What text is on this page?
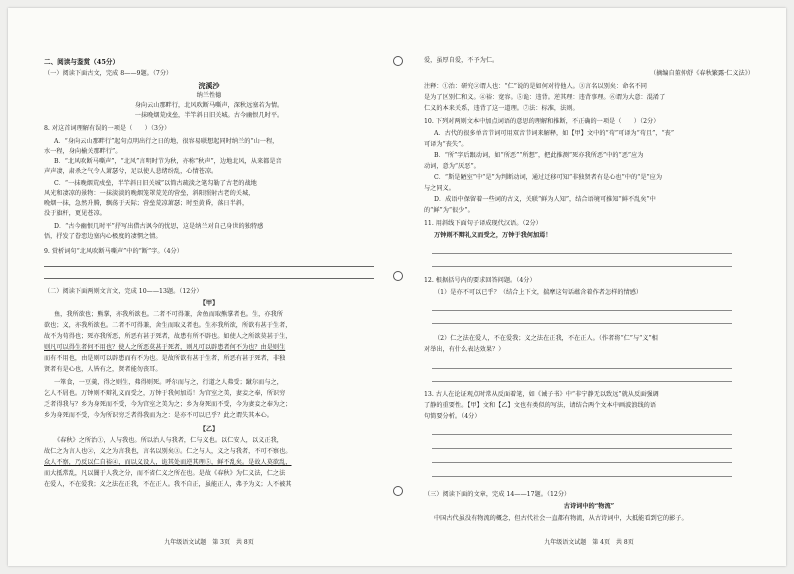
二、阅读与鉴赏（45分）
（一）阅读下面古文，完成 8——9题。（7分）
浣溪沙
纳兰性德
身向云山那畔行，北风吹断马嘶声，深秋远塞若为情。
一抹晚烟荒戍垒，半竿斜日旧关城。古今幽恨几时平。
8. 对这首词理解有误的一项是（　　）（3分）
A．“身向云山那畔行”起句点明出行之日的地，很容易联想起同时纳兰的“山一程，
水一程，身向榆关那畔行”。
B．“北风吹断马嘶声”，“北风”言明时节为秋，亦称“秋声”，边地北风，从来都是音
声声凄，肃杀之气令人萧瑟兮，足以使人悲绪纷乱，心情苍凉。
C．“一抹晚烟荒戍垒，半竿斜日旧关城”以简古疏淡之笔勾勒了古老的战地
风光和凄凉的景物：一抹淡淡的晚烟笼罩荒芜的营垒，斜阳照射古老的关城，
晚烟一抹，急然升腾，飘荡于天际；营垒荒凉萧瑟；时至黄昏，落日半斜，
没于旗杆，更见苍凉。
D．“古今幽恨几时平”抒写出借古讽今的忧思，这是纳兰对自己身世的独特感
悟，抒发了眷恋边塞内心极度的凄惘之情。
9. 赏析词句“北风吹断马嘶声”中的“断”字。（4分）
（二）阅读下面两则文言文，完成 10——13题。（12分）
【甲】
鱼，我所欲也；熊掌，亦我所欲也。二者不可得兼，舍鱼而取熊掌者也。生，亦我所
欲也；义，亦我所欲也。二者不可得兼，舍生而取义者也。生亦我所欲，所欲有甚于生者，
故不为苟得也；死亦我所恶，所恶有甚于死者，故患有所不辟也。如使人之所欲莫甚于生，
则凡可以得生者何不用也？使人之所恶莫甚于死者，则凡可以辟患者何不为也？由是则生
而有不用也，由是则可以辟患而有不为也。是故所欲有甚于生者，所恶有甚于死者，非独
贤者有是心也，人皆有之，贤者能勿丧耳。
一箪食，一豆羹，得之则生，弗得则死。呼尔而与之，行道之人弗受；蹴尔而与之，
乞人不屑也。万钟则不辩礼义而受之，万钟于我何加焉！为宫室之美，妻妾之奉，所识穷
乏者得我与？乡为身死而不受，今为宫室之美为之；乡为身死而不受，今为妻妾之奉为之；
乡为身死而不受，今为所识穷乏者得我而为之：是亦不可以已乎？此之谓失其本心。
【乙】
《春秋》之所治①，人与我也。所以治人与我者，仁与义也。以仁安人，以义正我，
故仁之为言人也②，义之为言我也，言名以别矣③。仁之与人，义之与我者，不可不察也。
众人不察，乃反以仁自裕④，而以义设人，诡其处而逆其理⑤，鲜不乱矣。是故人莫欲乱，
而大抵常乱，凡以闇于人我之分，而不省仁义之所在也。是故《春秋》为仁义法，仁之法
在爱人，不在爱我；义之法在正我，不在正人。我不自正，虽能正人，弗予为义；人不被其
九年级语文试题　第 3页　共 8页
爱，虽厚自爱，不予为仁。
（摘编自董仲舒《春秋繁露·仁义法》）
注释：①治：研究②谓人也：“仁”说的是如何对待他人。③言名以别矣：命名不同
是为了区别仁和义。④裕：宽容。⑤诡：违背。逆其理：违背事理。⑥谓为大意：混淆了
仁义的本来关系，违背了这一道理。⑦法：标准，法则。
10. 下列对两则文本中加点词语的意思的理解和推断，不正确的一项是（　　）（2分）
A．古代的很多单音节词可用双音节词来解释，如【甲】文中的“苟”可译为“苟且”，“丧”
可译为“丧失”。
B．“所”字后跟动词，如“所恶”“所想”，把此推测“死亦我所恶”中的“恶”应为
动词，意为“厌恶”。
C．“斯是陋室”中“是”为判断动词，通过迁移可知“非独贤者有是心也”中的“是”应为
与之同义。
D．成语中保留着一些词的古义，关联“鲜为人知”，结合语境可推知“鲜不乱矣”中
的“鲜”为“很少”。
11. 用斜线下面句子译成现代汉语。（2分）
万钟则不辩礼义而受之，万钟于我何加焉！
12. 根据括号内的要求回答问题。（4分）
（1）是亦不可以已乎？（结合上下文，揣摩这句话蕴含着作者怎样的情感）
（2）仁之法在爱人，不在爱我；义之法在正我，不在正人。（作者将“仁”与“义”相
对举出，有什么表达效果？）
13. 古人在论证观点时常从反面着笔，如《诫子书》中“非宁静无以致远”就从反面强调
了静的重要性。【甲】文和【乙】文也有类似的写法，请结合两个文本中画波浪线的语
句简要分析。（4分）
（三）阅读下面的文章，完成 14——17题。（12分）
古诗词中的“物流”
中国古代虽没有物流的概念，但古代社会一直都有物流，从古诗词中，大抵能看到它的影子。
九年级语文试题　第 4页　共 8页
